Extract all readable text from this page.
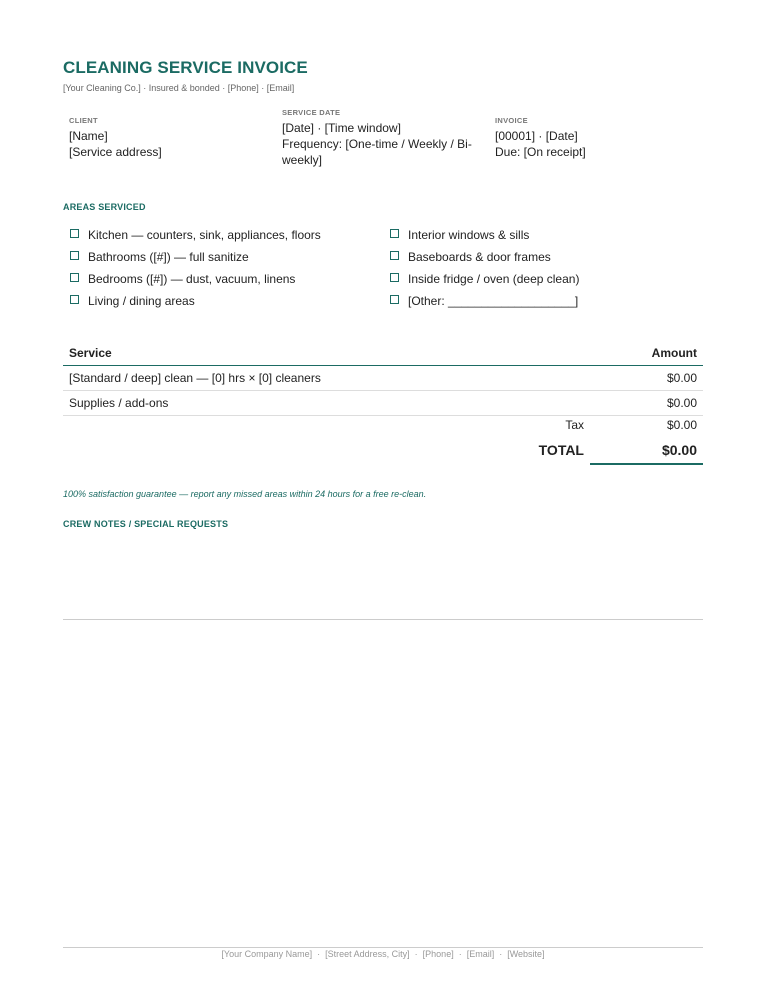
CLEANING SERVICE INVOICE
[Your Cleaning Co.] · Insured & bonded · [Phone] · [Email]
CLIENT
[Name]
[Service address]
SERVICE DATE
[Date] · [Time window]
Frequency: [One-time / Weekly / Bi-weekly]
INVOICE
[00001] · [Date]
Due: [On receipt]
AREAS SERVICED
Kitchen — counters, sink, appliances, floors
Bathrooms ([#]) — full sanitize
Bedrooms ([#]) — dust, vacuum, linens
Living / dining areas
Interior windows & sills
Baseboards & door frames
Inside fridge / oven (deep clean)
[Other: ___________________]
Service	Amount
[Standard / deep] clean — [0] hrs × [0] cleaners	$0.00
Supplies / add-ons	$0.00
Tax	$0.00
TOTAL	$0.00
100% satisfaction guarantee — report any missed areas within 24 hours for a free re-clean.
CREW NOTES / SPECIAL REQUESTS
[Your Company Name] · [Street Address, City] · [Phone] · [Email] · [Website]
